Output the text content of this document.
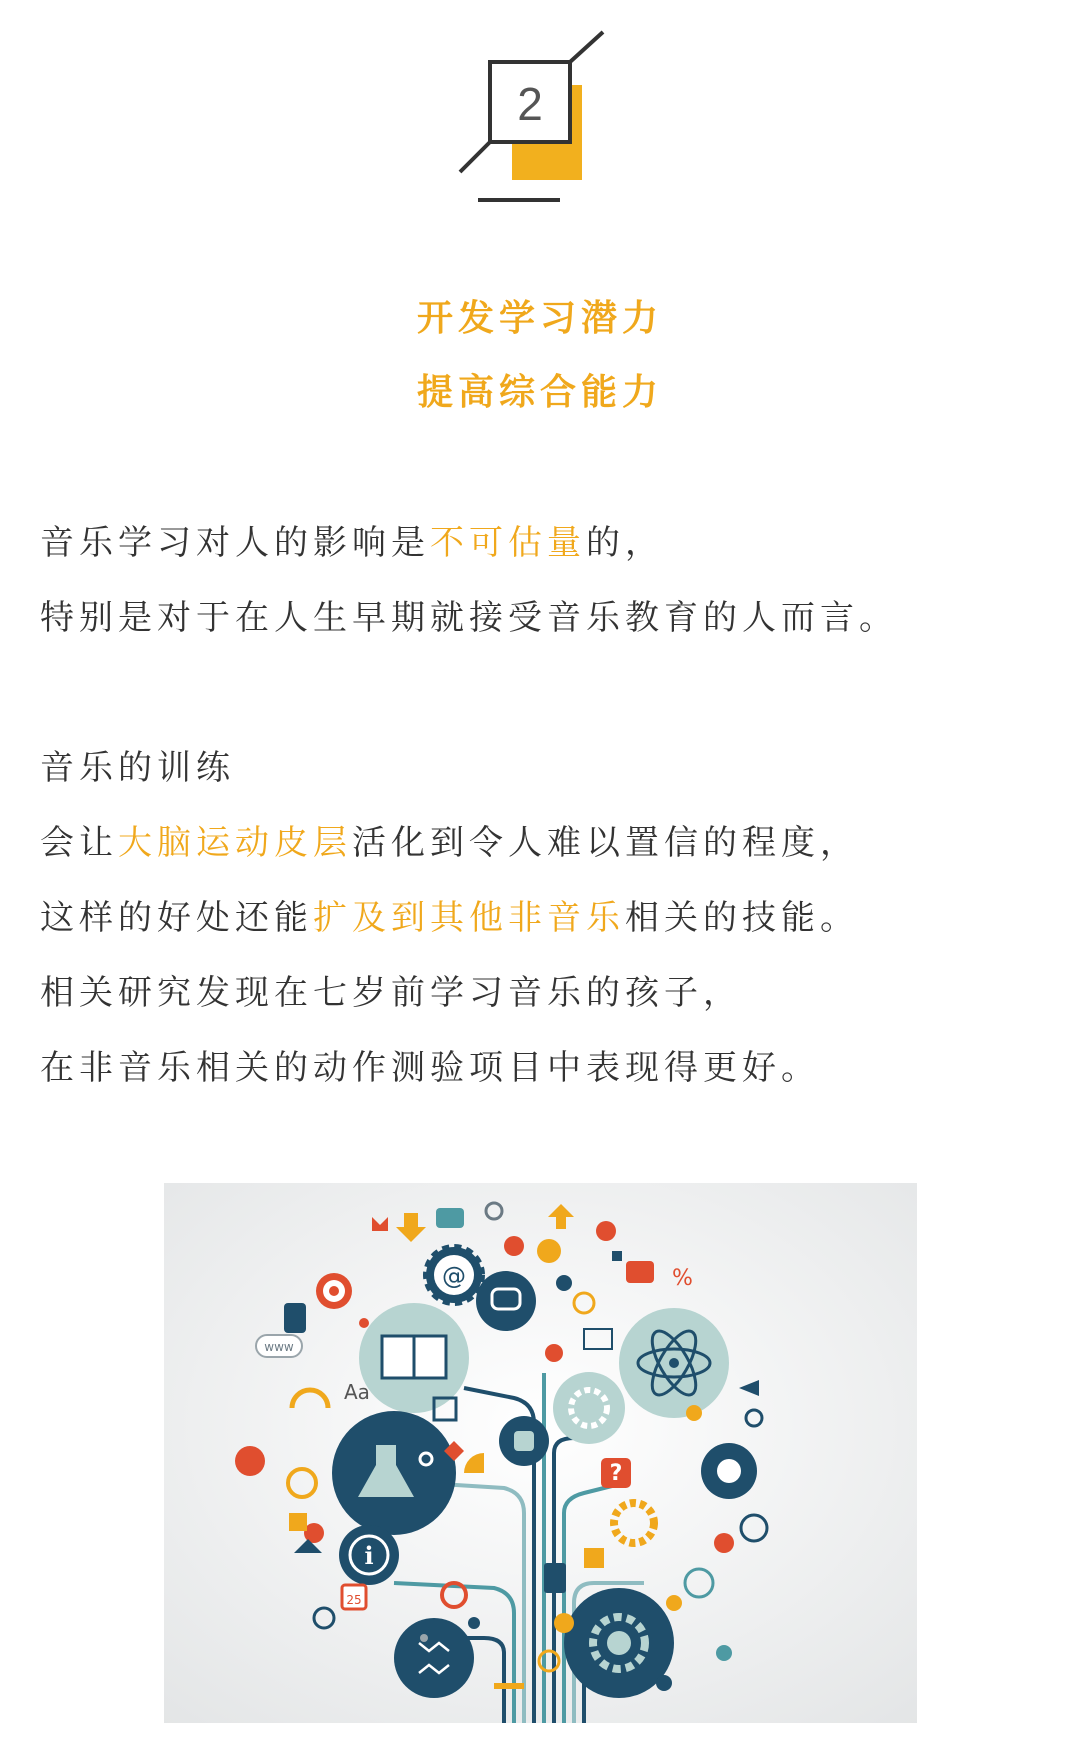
2
开发学习潜力
提高综合能力
音乐学习对人的影响是不可估量的，
特别是对于在人生早期就接受音乐教育的人而言。
音乐的训练
会让大脑运动皮层活化到令人难以置信的程度，
这样的好处还能扩及到其他非音乐相关的技能。
相关研究发现在七岁前学习音乐的孩子，
在非音乐相关的动作测验项目中表现得更好。
i
@
?
www
Aa
25
%
